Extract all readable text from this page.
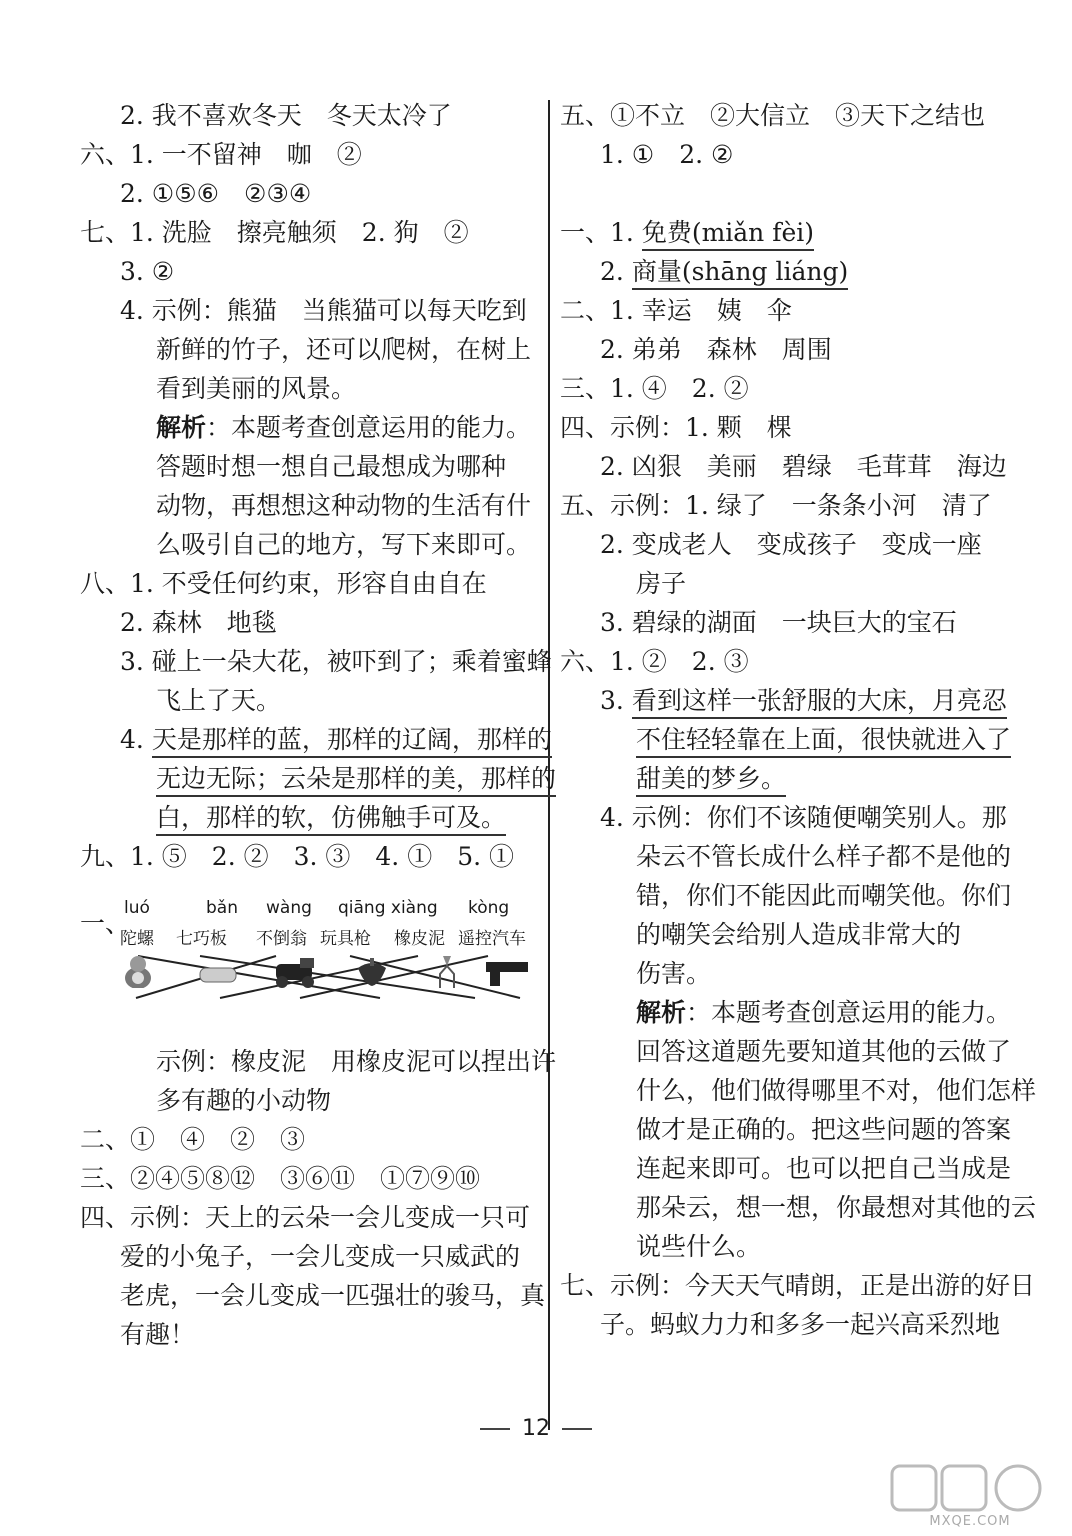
2. 我不喜欢冬天　冬天太冷了
六、1. 一不留神　咖　②
2. ①⑤⑥　②③④
七、1. 洗脸　擦亮触须　2. 狗　②
3. ②
4. 示例：熊猫　当熊猫可以每天吃到
新鲜的竹子，还可以爬树，在树上
看到美丽的风景。
解析：本题考查创意运用的能力。
答题时想一想自己最想成为哪种
动物，再想想这种动物的生活有什
么吸引自己的地方，写下来即可。
八、1. 不受任何约束，形容自由自在
2. 森林　地毯
3. 碰上一朵大花，被吓到了；乘着蜜蜂
飞上了天。
4. 天是那样的蓝，那样的辽阔，那样的
无边无际；云朵是那样的美，那样的
白，那样的软，仿佛触手可及。
九、1. ⑤　2. ②　3. ③　4. ①　5. ①
一、
luó	bǎn wàng qiāng xiàng kòng
陀螺 七巧板 不倒翁 玩具枪 橡皮泥 遥控汽车
示例：橡皮泥　用橡皮泥可以捏出许
多有趣的小动物
二、①　④　②　③
三、②④⑤⑧⑫　③⑥⑪　①⑦⑨⑩
四、示例：天上的云朵一会儿变成一只可
爱的小兔子，一会儿变成一只威武的
老虎，一会儿变成一匹强壮的骏马，真
有趣！
五、①不立　②大信立　③天下之结也
1. ①　2. ②

一、1. 免费(miǎn fèi)
2. 商量(shāng liáng)
二、1. 幸运　姨　伞
2. 弟弟　森林　周围
三、1. ④　2. ②
四、示例：1. 颗　棵
2. 凶狠　美丽　碧绿　毛茸茸　海边
五、示例：1. 绿了　一条条小河　清了
2. 变成老人　变成孩子　变成一座
房子
3. 碧绿的湖面　一块巨大的宝石
六、1. ②　2. ③
3. 看到这样一张舒服的大床，月亮忍
不住轻轻靠在上面，很快就进入了
甜美的梦乡。
4. 示例：你们不该随便嘲笑别人。那
朵云不管长成什么样子都不是他的
错，你们不能因此而嘲笑他。你们
的嘲笑会给别人造成非常大的
伤害。
解析：本题考查创意运用的能力。
回答这道题先要知道其他的云做了
什么，他们做得哪里不对，他们怎样
做才是正确的。把这些问题的答案
连起来即可。也可以把自己当成是
那朵云，想一想，你最想对其他的云
说些什么。
七、示例：今天天气晴朗，正是出游的好日
子。蚂蚁力力和多多一起兴高采烈地
12
MXQE.COM
